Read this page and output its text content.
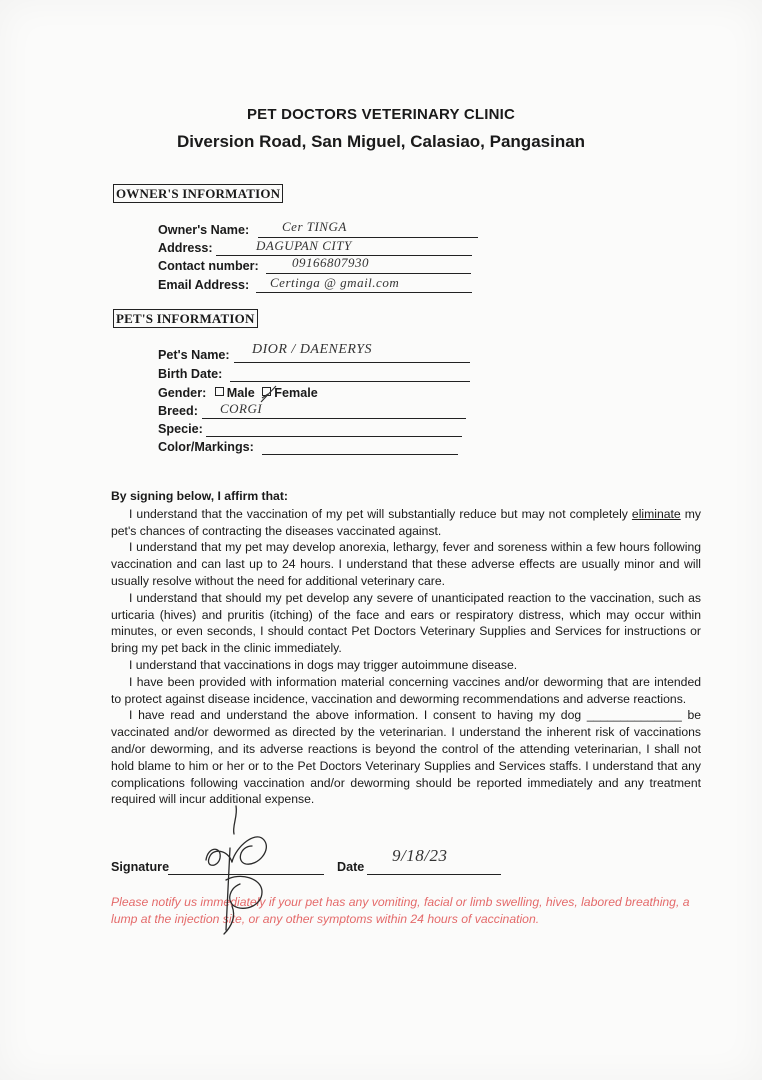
PET DOCTORS VETERINARY CLINIC
Diversion Road, San Miguel, Calasiao, Pangasinan
OWNER'S INFORMATION
Owner's Name:	Cer TINGA
Address:	DAGUPAN CITY
Contact number:	09166807930
Email Address: Certinga @ gmail.com
PET'S INFORMATION
Pet's Name: DIOR / DAENERYS
Birth Date:
Gender: Male Female
Breed: CORGI
Specie:
Color/Markings:

By signing below, I affirm that:

I understand that the vaccination of my pet will substantially reduce but may not completely eliminate my pet's chances of contracting the diseases vaccinated against.

I understand that my pet may develop anorexia, lethargy, fever and soreness within a few hours following vaccination and can last up to 24 hours. I understand that these adverse effects are usually minor and will usually resolve without the need for additional veterinary care.

I understand that should my pet develop any severe of unanticipated reaction to the vaccination, such as urticaria (hives) and pruritis (itching) of the face and ears or respiratory distress, which may occur within minutes, or even seconds, I should contact Pet Doctors Veterinary Supplies and Services for instructions or bring my pet back in the clinic immediately.

I understand that vaccinations in dogs may trigger autoimmune disease.

I have been provided with information material concerning vaccines and/or deworming that are intended to protect against disease incidence, vaccination and deworming recommendations and adverse reactions.

I have read and understand the above information. I consent to having my dog ______________ be vaccinated and/or dewormed as directed by the veterinarian. I understand the inherent risk of vaccinations and/or deworming, and its adverse reactions is beyond the control of the attending veterinarian, I shall not hold blame to him or her or to the Pet Doctors Veterinary Supplies and Services staffs. I understand that any complications following vaccination and/or deworming should be reported immediately and any treatment required will incur additional expense.

Signature	Date
9/18/23
Please notify us immediately if your pet has any vomiting, facial or limb swelling, hives, labored breathing, a lump at the injection site, or any other symptoms within 24 hours of vaccination.
